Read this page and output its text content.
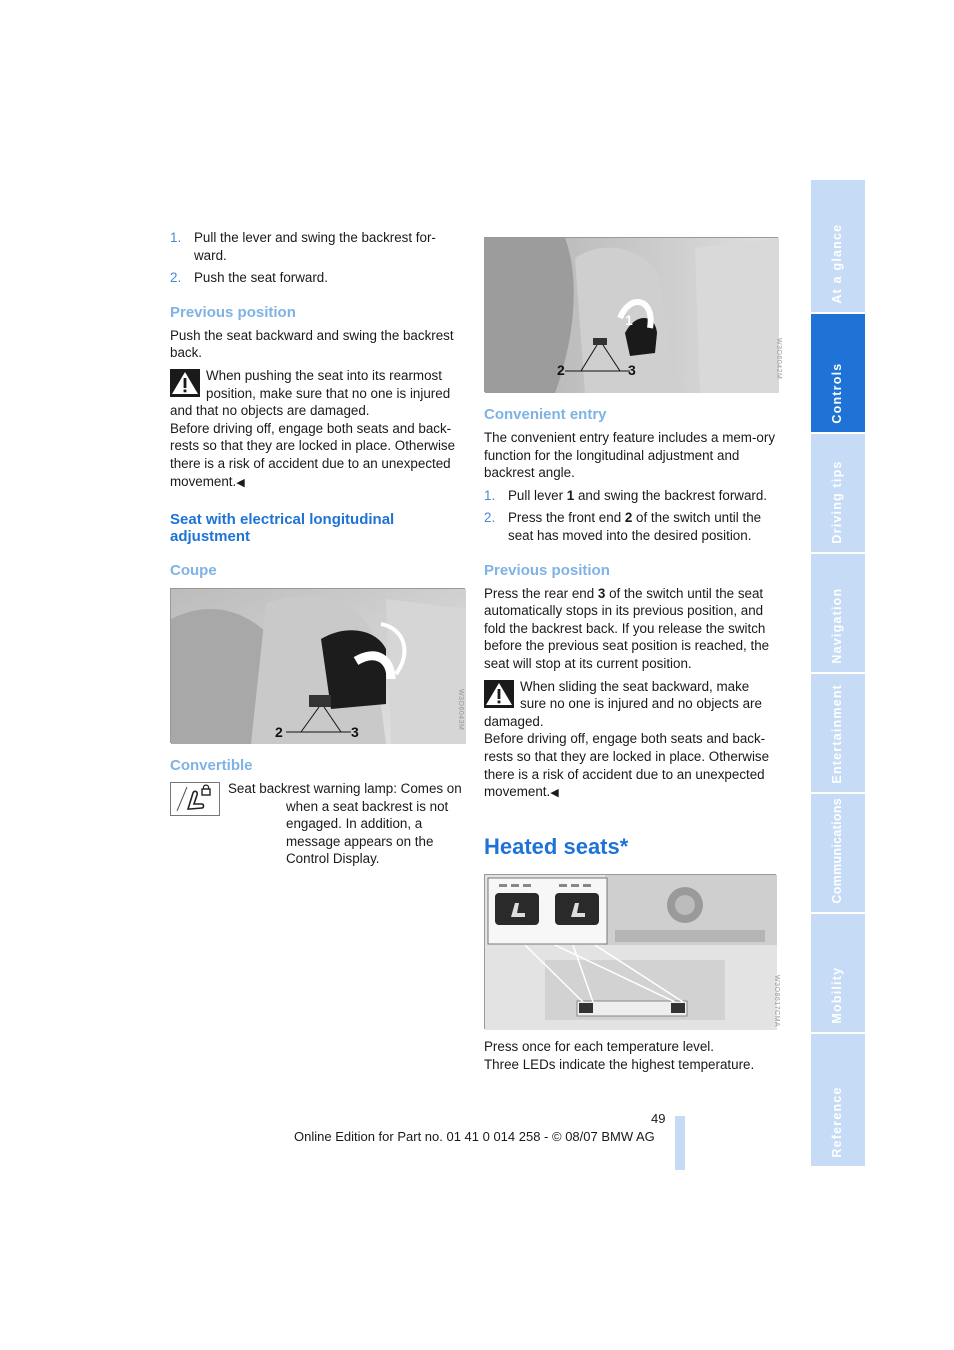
1. Pull the lever and swing the backrest for-ward.
2. Push the seat forward.
Previous position

Push the seat backward and swing the backrest back.

When pushing the seat into its rearmost position, make sure that no one is injured and that no objects are damaged.

Before driving off, engage both seats and back-rests so that they are locked in place. Otherwise there is a risk of accident due to an unexpected movement.◀

Seat with electrical longitudinal
adjustment
Coupe
2	3
W3O6043M
Convertible

Seat backrest warning lamp: Comes on when a seat backrest is not engaged. In addition, a message appears on the Control Display.

1
2	3	W3O6042M
Convenient entry

The convenient entry feature includes a mem-ory function for the longitudinal adjustment and backrest angle.

1. Pull lever 1 and swing the backrest forward.
2. Press the front end 2 of the switch until the seat has moved into the desired position.
Previous position

Press the rear end 3 of the switch until the seat automatically stops in its previous position, and fold the backrest back. If you release the switch before the previous seat position is reached, the seat will stop at its current position.

When sliding the seat backward, make sure no one is injured and no objects are damaged.

Before driving off, engage both seats and back-rests so that they are locked in place. Otherwise there is a risk of accident due to an unexpected movement.◀

Heated seats*
W3O8617CMA

Press once for each temperature level.

Three LEDs indicate the highest temperature.

At a glance
Controls
Driving tips
Navigation
Entertainment
Communications
Mobility
Reference
49
Online Edition for Part no. 01 41 0 014 258 - © 08/07 BMW AG
